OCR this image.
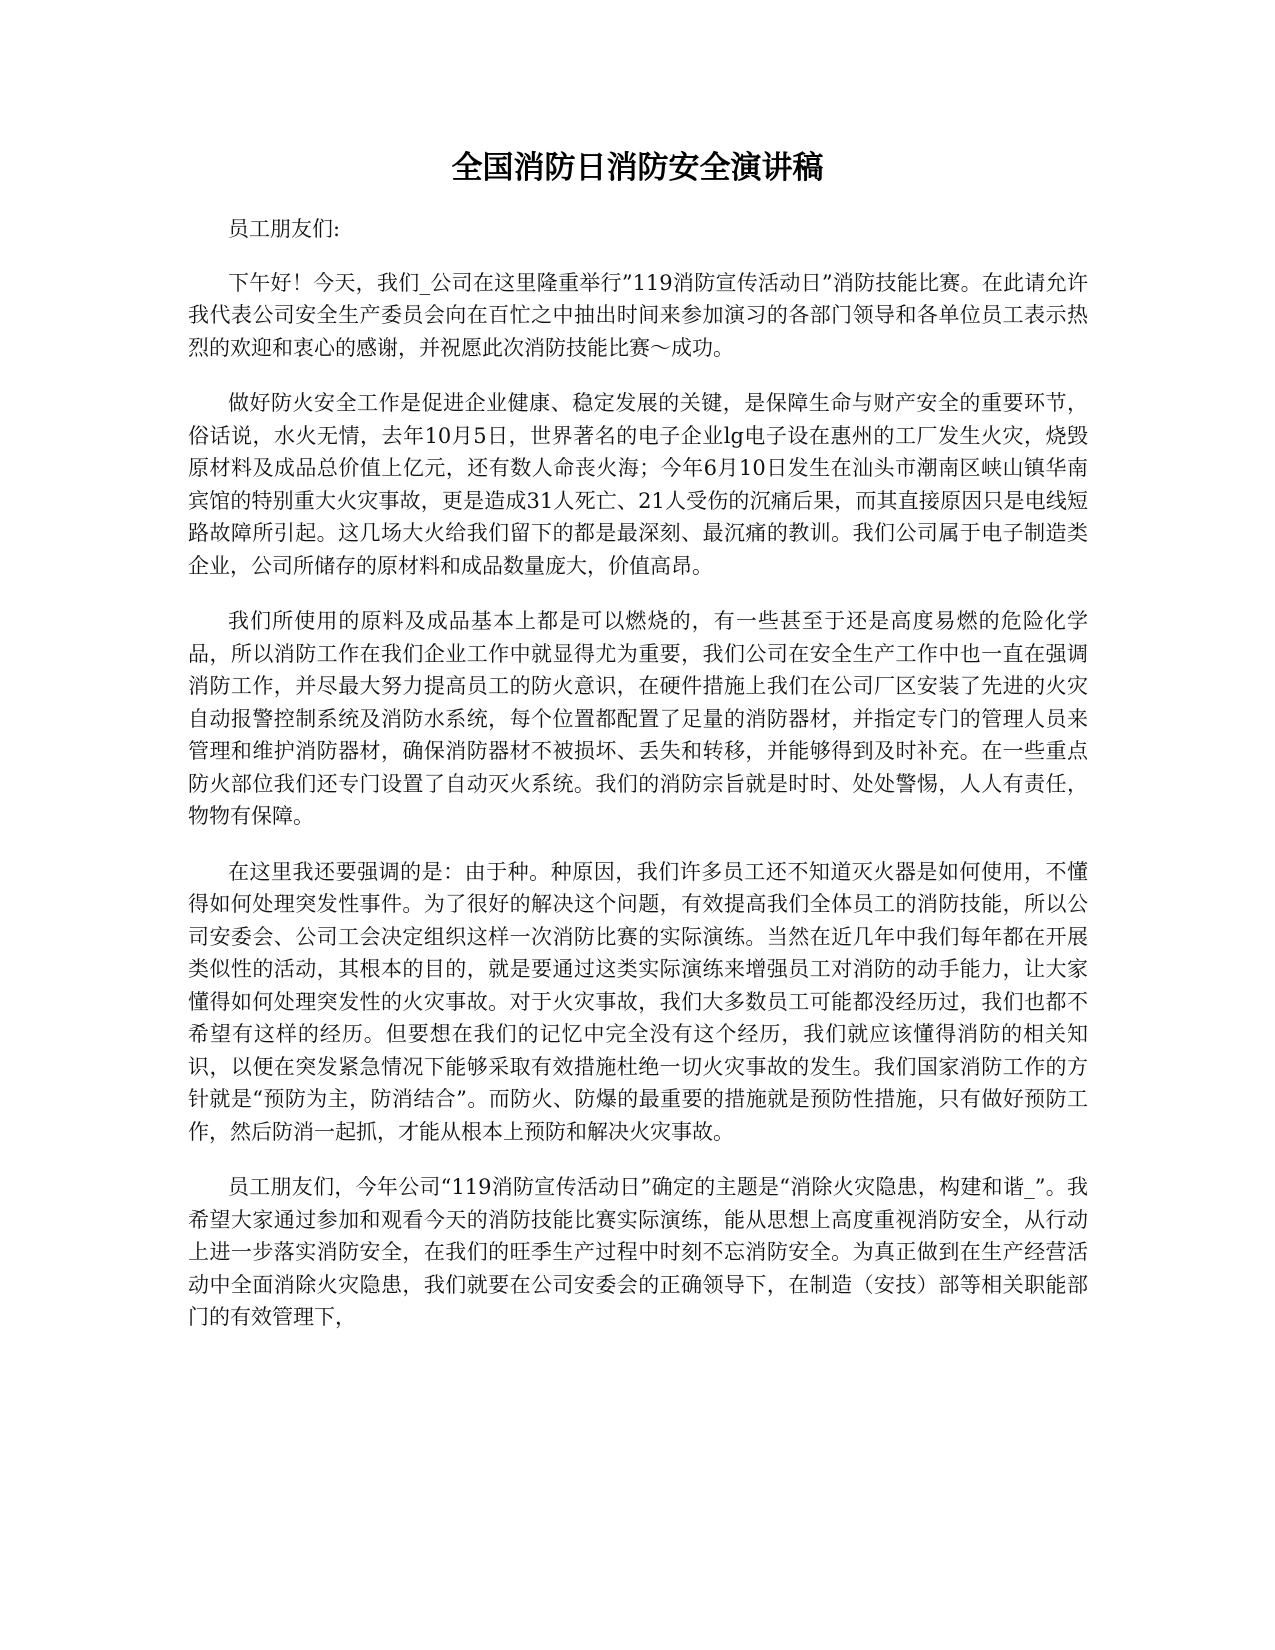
全国消防日消防安全演讲稿

员工朋友们:

下午好！今天，我们_公司在这里隆重举行”119消防宣传活动日”消防技能比赛。在此请允许我代表公司安全生产委员会向在百忙之中抽出时间来参加演习的各部门领导和各单位员工表示热烈的欢迎和衷心的感谢，并祝愿此次消防技能比赛～成功。

做好防火安全工作是促进企业健康、稳定发展的关键，是保障生命与财产安全的重要环节，俗话说，水火无情，去年10月5日，世界著名的电子企业lg电子设在惠州的工厂发生火灾，烧毁原材料及成品总价值上亿元，还有数人命丧火海；今年6月10日发生在汕头市潮南区峡山镇华南宾馆的特别重大火灾事故，更是造成31人死亡、21人受伤的沉痛后果，而其直接原因只是电线短路故障所引起。这几场大火给我们留下的都是最深刻、最沉痛的教训。我们公司属于电子制造类企业，公司所储存的原材料和成品数量庞大，价值高昂。

我们所使用的原料及成品基本上都是可以燃烧的，有一些甚至于还是高度易燃的危险化学品，所以消防工作在我们企业工作中就显得尤为重要，我们公司在安全生产工作中也一直在强调消防工作，并尽最大努力提高员工的防火意识，在硬件措施上我们在公司厂区安装了先进的火灾自动报警控制系统及消防水系统，每个位置都配置了足量的消防器材，并指定专门的管理人员来管理和维护消防器材，确保消防器材不被损坏、丢失和转移，并能够得到及时补充。在一些重点防火部位我们还专门设置了自动灭火系统。我们的消防宗旨就是时时、处处警惕，人人有责任，物物有保障。

在这里我还要强调的是：由于种。种原因，我们许多员工还不知道灭火器是如何使用，不懂得如何处理突发性事件。为了很好的解决这个问题，有效提高我们全体员工的消防技能，所以公司安委会、公司工会决定组织这样一次消防比赛的实际演练。当然在近几年中我们每年都在开展类似性的活动，其根本的目的，就是要通过这类实际演练来增强员工对消防的动手能力，让大家懂得如何处理突发性的火灾事故。对于火灾事故，我们大多数员工可能都没经历过，我们也都不希望有这样的经历。但要想在我们的记忆中完全没有这个经历，我们就应该懂得消防的相关知识，以便在突发紧急情况下能够采取有效措施杜绝一切火灾事故的发生。我们国家消防工作的方针就是“预防为主，防消结合”。而防火、防爆的最重要的措施就是预防性措施，只有做好预防工作，然后防消一起抓，才能从根本上预防和解决火灾事故。

员工朋友们，今年公司“119消防宣传活动日”确定的主题是“消除火灾隐患，构建和谐_”。我希望大家通过参加和观看今天的消防技能比赛实际演练，能从思想上高度重视消防安全，从行动上进一步落实消防安全，在我们的旺季生产过程中时刻不忘消防安全。为真正做到在生产经营活动中全面消除火灾隐患，我们就要在公司安委会的正确领导下，在制造（安技）部等相关职能部门的有效管理下，
